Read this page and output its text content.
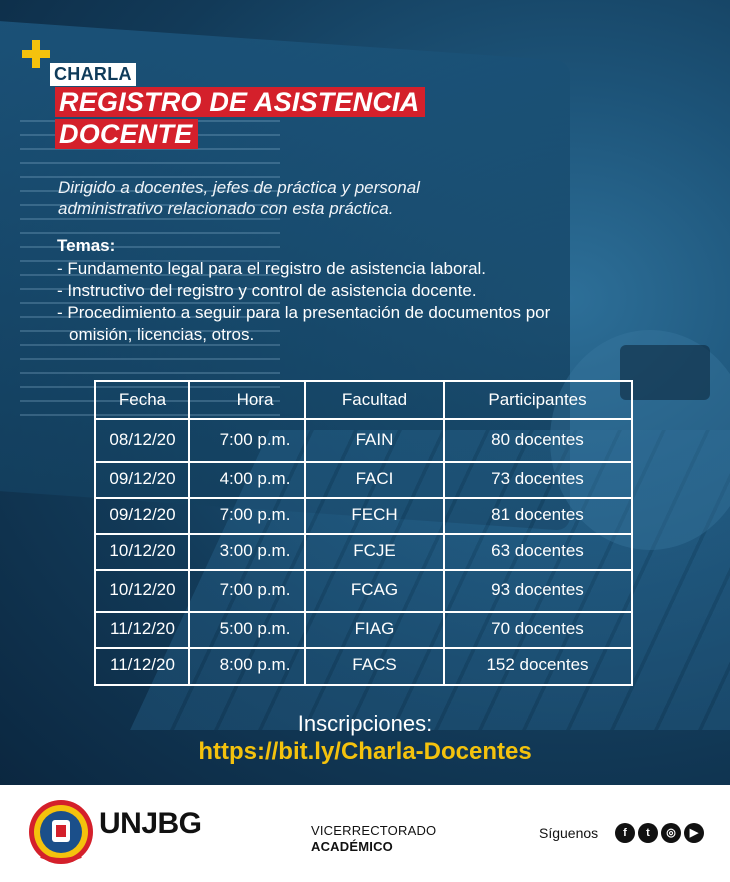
CHARLA
REGISTRO DE ASISTENCIA
DOCENTE
Dirigido a docentes, jefes de práctica y personal administrativo relacionado con esta práctica.
Temas:
- Fundamento legal para el registro de asistencia laboral.
- Instructivo del registro y control de asistencia docente.
- Procedimiento a seguir para la presentación de documentos por omisión, licencias, otros.
Fecha	Hora	Facultad	Participantes
08/12/20	7:00 p.m.	FAIN	80 docentes
09/12/20	4:00 p.m.	FACI	73 docentes
09/12/20	7:00 p.m.	FECH	81 docentes
10/12/20	3:00 p.m.	FCJE	63 docentes
10/12/20	7:00 p.m.	FCAG	93 docentes
11/12/20	5:00 p.m.	FIAG	70 docentes
11/12/20	8:00 p.m.	FACS	152 docentes
Inscripciones:
https://bit.ly/Charla-Docentes
UNJBG	VICERRECTORADO
ACADÉMICO
Síguenos	f	t	◎	▶
